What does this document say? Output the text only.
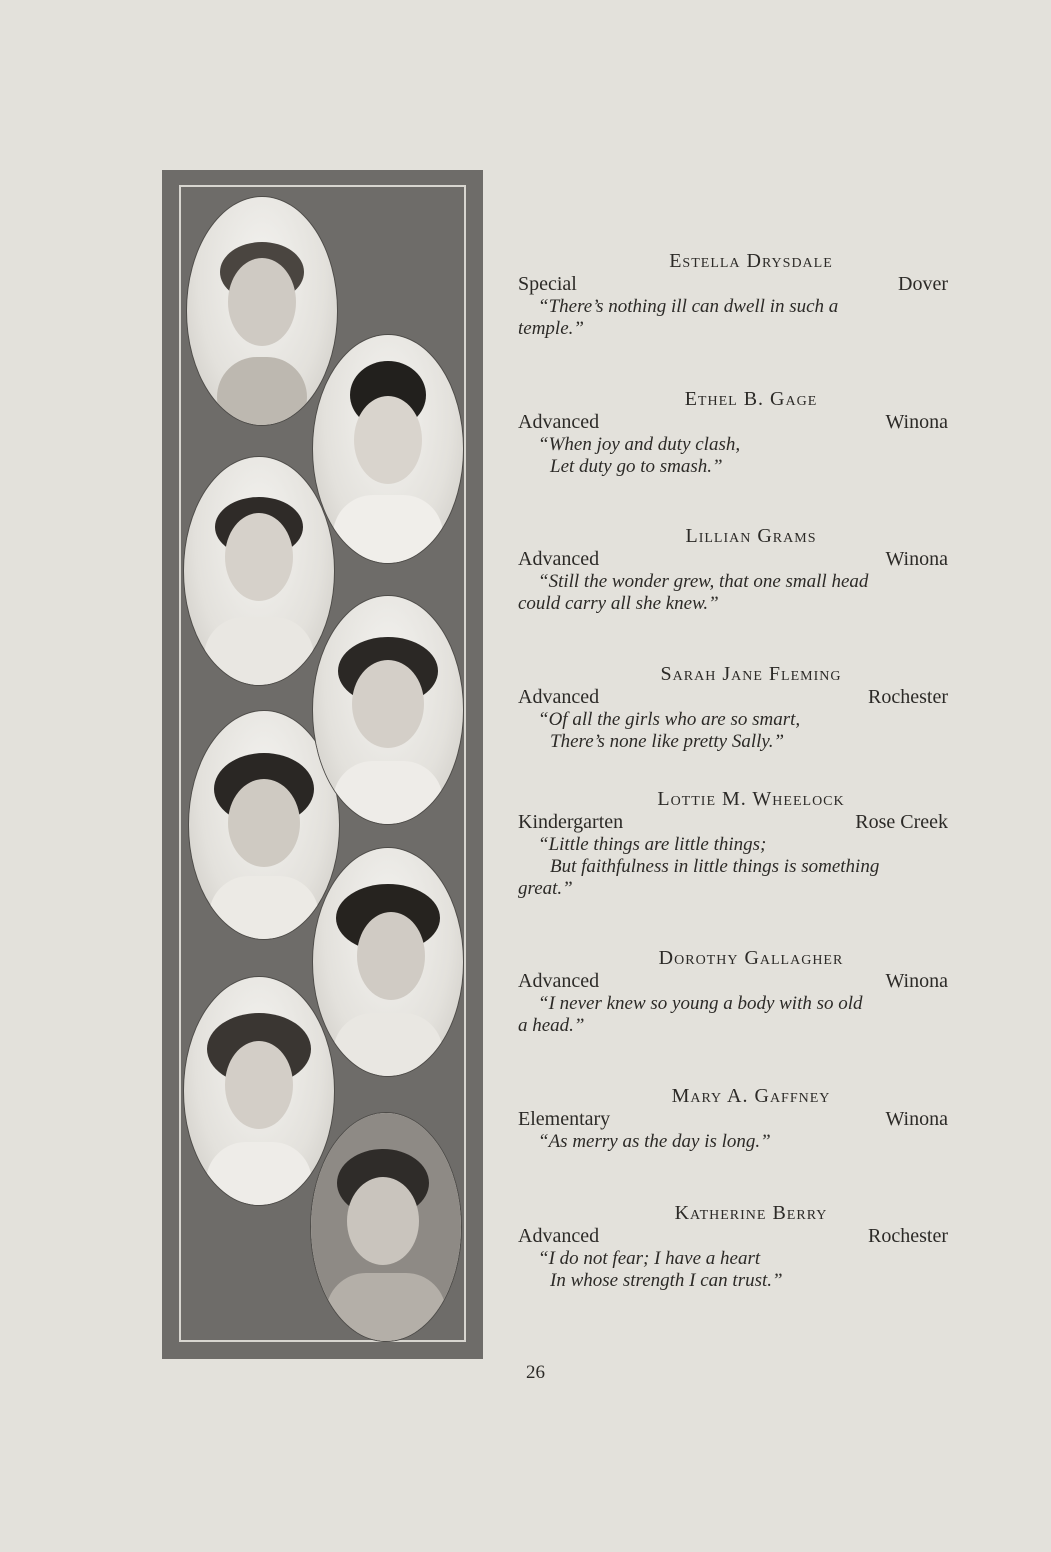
Estella Drysdale
Special	Dover
“There’s nothing ill can dwell in such a
temple.”
Ethel B. Gage
Advanced	Winona
“When joy and duty clash,
Let duty go to smash.”
Lillian Grams
Advanced	Winona
“Still the wonder grew, that one small head
could carry all she knew.”
Sarah Jane Fleming
Advanced	Rochester
“Of all the girls who are so smart,
There’s none like pretty Sally.”
Lottie M. Wheelock
Kindergarten	Rose Creek
“Little things are little things;
But faithfulness in little things is something
great.”
Dorothy Gallagher
Advanced	Winona
“I never knew so young a body with so old
a head.”
Mary A. Gaffney
Elementary	Winona
“As merry as the day is long.”
Katherine Berry
Advanced	Rochester
“I do not fear; I have a heart
In whose strength I can trust.”
26
